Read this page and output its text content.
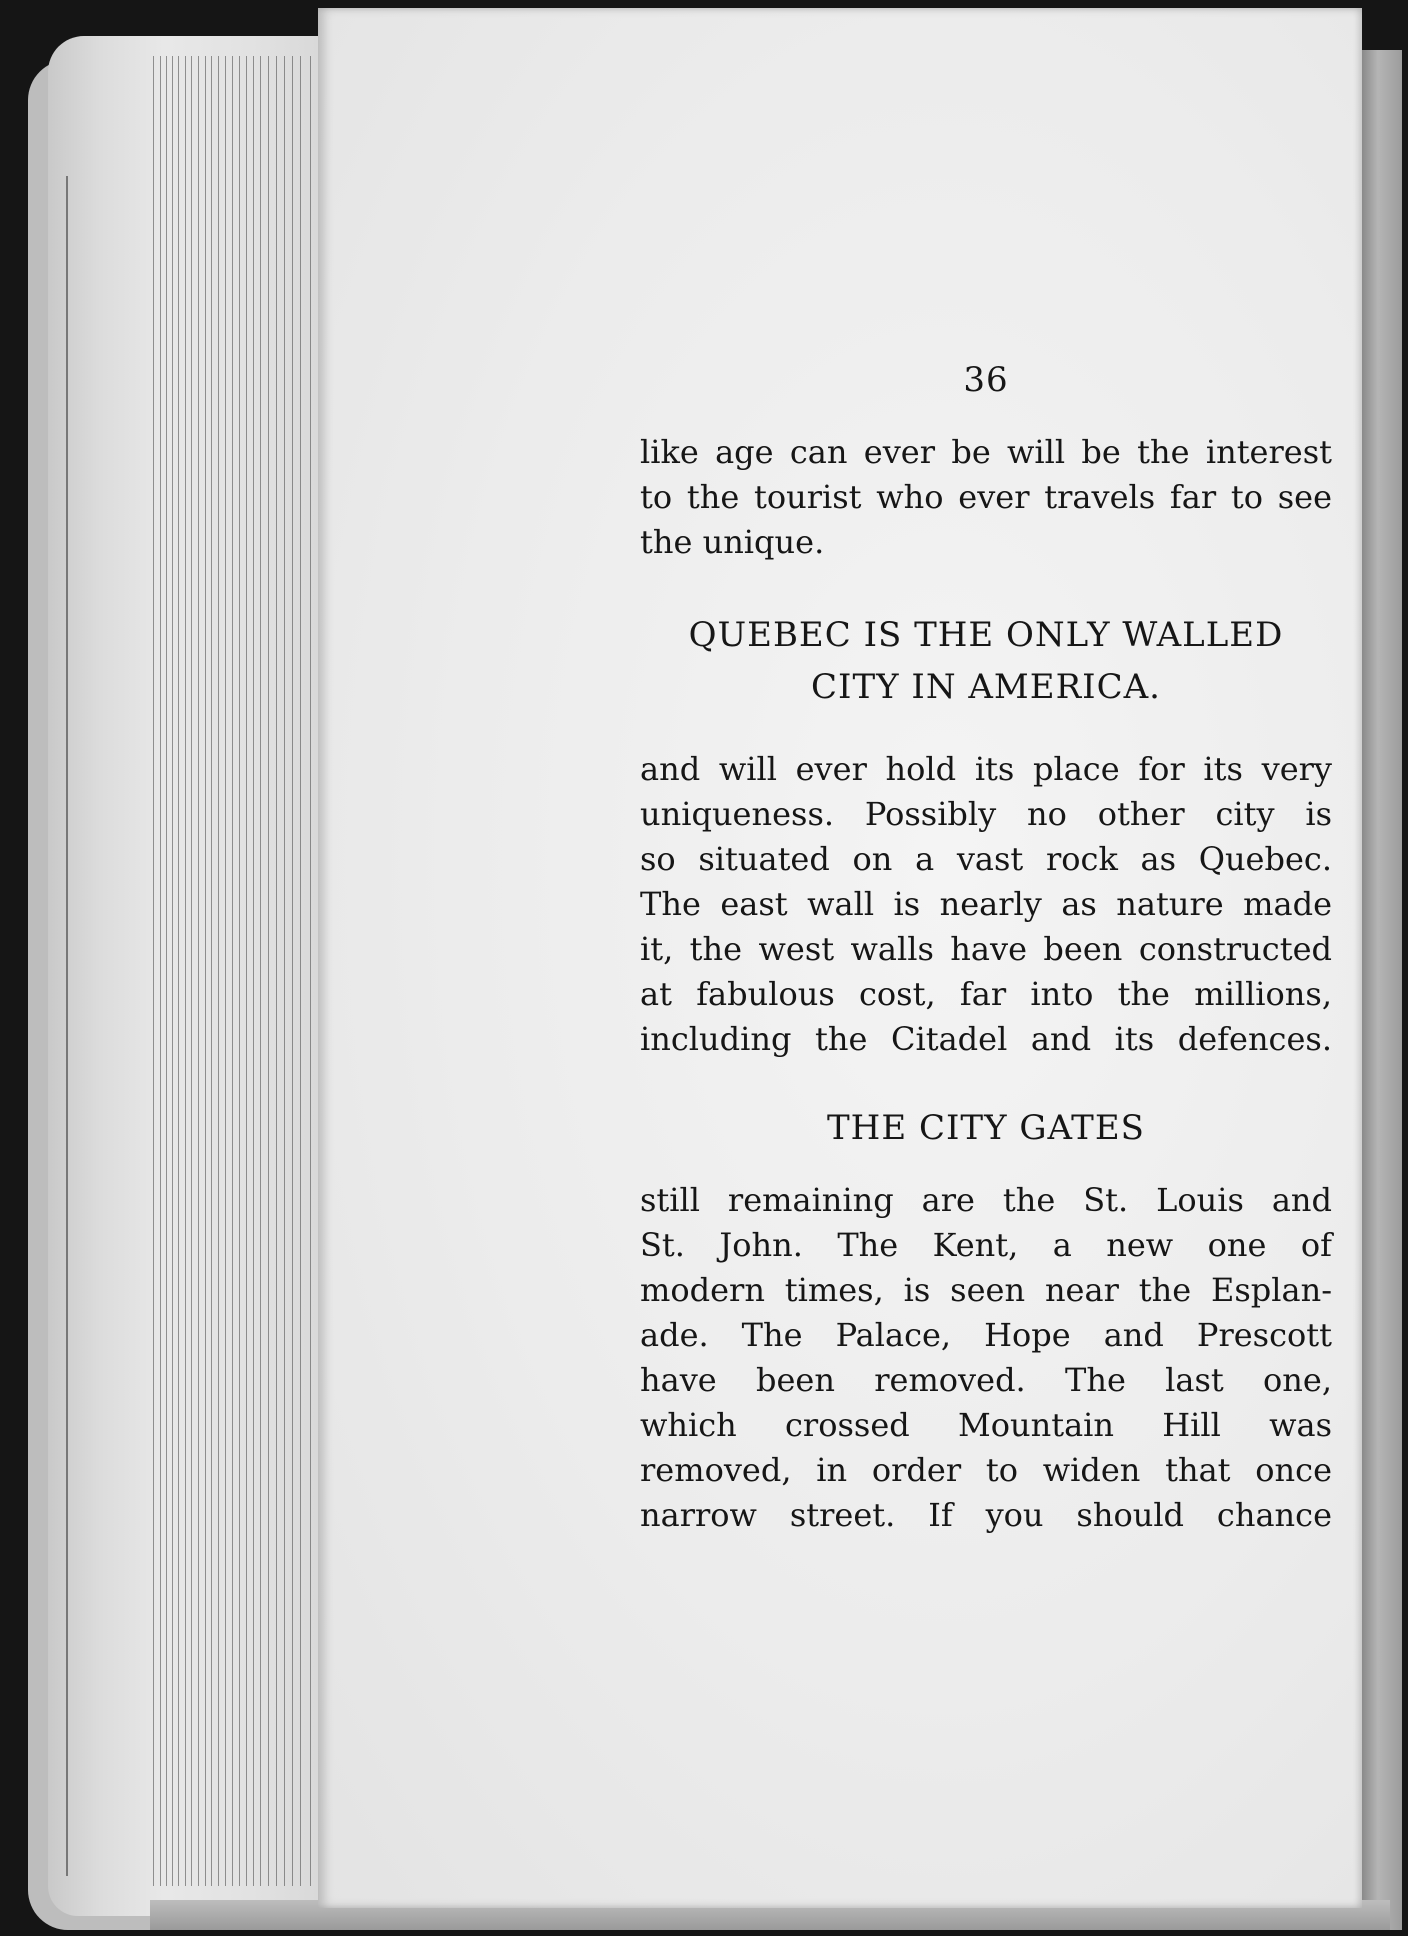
36
like age can ever be will be the interest
to the tourist who ever travels far to see
the unique.
QUEBEC IS THE ONLY WALLED
CITY IN AMERICA.
and will ever hold its place for its very
uniqueness. Possibly no other city is
so situated on a vast rock as Quebec.
The east wall is nearly as nature made
it, the west walls have been constructed
at fabulous cost, far into the millions,
including the Citadel and its defences.
THE CITY GATES
still remaining are the St. Louis and
St. John. The Kent, a new one of
modern times, is seen near the Esplan-
ade. The Palace, Hope and Prescott
have been removed. The last one,
which crossed Mountain Hill was
removed, in order to widen that once
narrow street. If you should chance
